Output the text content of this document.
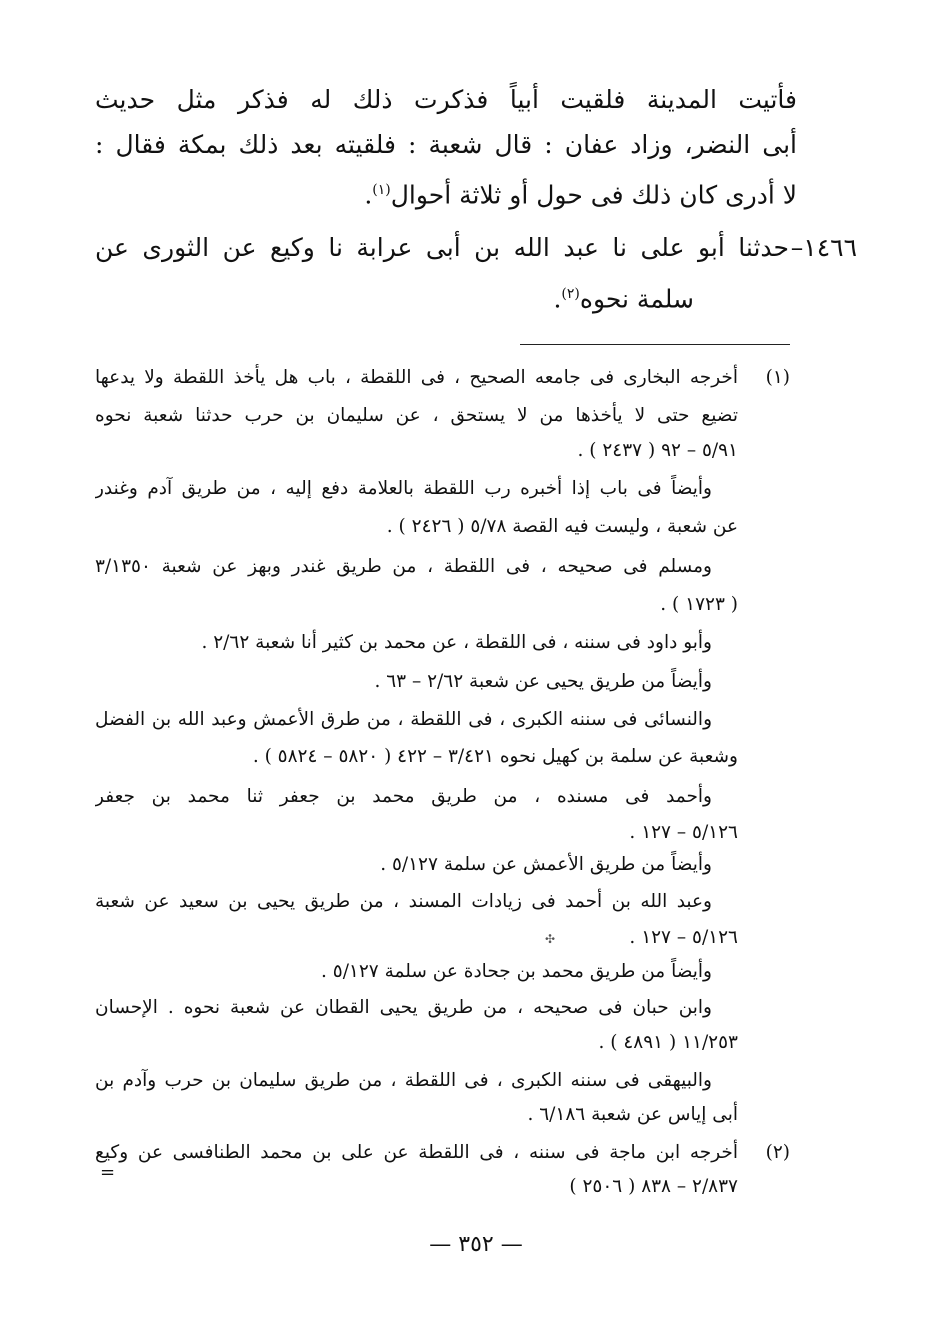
فأتيت المدينة فلقيت أبياً فذكرت ذلك له فذكر مثل حديث
أبى النضر، وزاد عفان : قال شعبة : فلقيته بعد ذلك بمكة فقال :
لا أدرى كان ذلك فى حول أو ثلاثة أحوال$^{(١)}$.
١٤٦٦–
حدثنا أبو على نا عبد الله بن أبى عرابة نا وكيع عن الثورى عن
سلمة نحوه$^{(٢)}$.
(١)
أخرجه البخارى فى جامعه الصحيح ، فى اللقطة ، باب هل يأخذ اللقطة ولا يدعها
تضيع حتى لا يأخذها من لا يستحق ، عن سليمان بن حرب حدثنا شعبة نحوه
٥/٩١ – ٩٢ ( ٢٤٣٧ ) .
وأيضاً فى باب إذا أخبره رب اللقطة بالعلامة دفع إليه ، من طريق آدم وغندر
عن شعبة ، وليست فيه القصة ٥/٧٨ ( ٢٤٢٦ ) .
ومسلم فى صحيحه ، فى اللقطة ، من طريق غندر وبهز عن شعبة ٣/١٣٥٠
( ١٧٢٣ ) .
وأبو داود فى سننه ، فى اللقطة ، عن محمد بن كثير أنا شعبة ٢/٦٢ .
وأيضاً من طريق يحيى عن شعبة ٢/٦٢ – ٦٣ .
والنسائى فى سننه الكبرى ، فى اللقطة ، من طرق الأعمش وعبد الله بن الفضل
وشعبة عن سلمة بن كهيل نحوه ٣/٤٢١ – ٤٢٢ ( ٥٨٢٠ – ٥٨٢٤ ) .
وأحمد فى مسنده ، من طريق محمد بن جعفر ثنا محمد بن جعفر
٥/١٢٦ – ١٢٧ .
وأيضاً من طريق الأعمش عن سلمة ٥/١٢٧ .
وعبد الله بن أحمد فى زيادات المسند ، من طريق يحيى بن سعيد عن شعبة
٥/١٢٦ – ١٢٧ .
وأيضاً من طريق محمد بن جحادة عن سلمة ٥/١٢٧ .
وابن حبان فى صحيحه ، من طريق يحيى القطان عن شعبة نحوه . الإحسان
١١/٢٥٣ ( ٤٨٩١ ) .
والبيهقى فى سننه الكبرى ، فى اللقطة ، من طريق سليمان بن حرب وآدم بن
أبى إياس عن شعبة ٦/١٨٦ .
(٢)
أخرجه ابن ماجة فى سننه ، فى اللقطة عن على بن محمد الطنافسى عن وكيع
٢/٨٣٧ – ٨٣٨ ( ٢٥٠٦ )
=
✣
— ٣٥٢ —
